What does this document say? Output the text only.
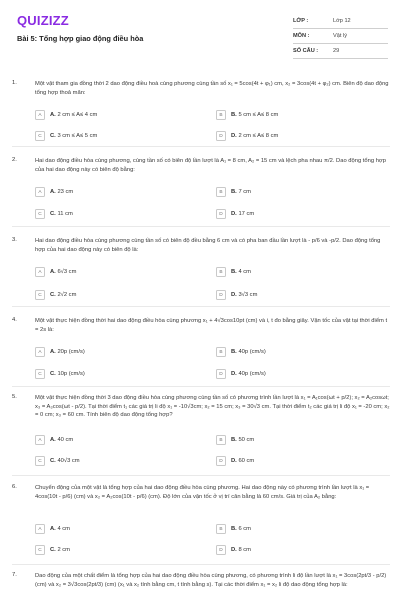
QUIZIZZ
Bài 5: Tổng hợp giao động điều hòa
LỚP :	Lớp 12
MÔN :	Vật lý
SỐ CÂU :	29
1.	Một vật tham gia đồng thời 2 dao động điều hoà cùng phương cùng tần số x₁ = 5cos(4t + φ₁) cm, x₂ = 3cos(4t + φ₂) cm. Biên độ dao động tổng hợp thoả mãn:
A	A. 2 cm ≤ A≤ 4 cm	B	B. 5 cm ≤ A≤ 8 cm
C	C. 3 cm ≤ A≤ 5 cm	D	D. 2 cm ≤ A≤ 8 cm
2.	Hai dao động điều hòa cùng phương, cùng tần số có biên độ lần lượt là A₁ = 8 cm, A₂ = 15 cm và lệch pha nhau π/2. Dao động tổng hợp của hai dao động này có biên độ bằng:
A	A. 23 cm	B	B. 7 cm
C	C. 11 cm	D	D. 17 cm
3.	Hai dao động điều hòa cùng phương cùng tần số có biên độ đều bằng 6 cm và có pha ban đầu lần lượt là - p/6 và -p/2. Dao động tổng hợp của hai dao động này có biên độ là:
A	A. 6√3 cm	B	B. 4 cm
C	C. 2√2 cm	D	D. 3√3 cm
4.	Một vật thực hiện đồng thời hai dao động điều hòa cùng phương x₁ + 4√3cos10pt (cm) và i, t đo bằng giây. Vận tốc của vật tại thời điểm t = 2s là:
A	A. 20p (cm/s)	B	B. 40p (cm/s)
C	C. 10p (cm/s)	D	D. 40p (cm/s)
5.	Một vật thực hiện đồng thời 3 dao động điều hòa cùng phương cùng tần số có phương trình lần lượt là x₁ = A₁cos(ωt + p/2); x₂ = A₂cosωt; x₃ = A₃cos(ωt - p/2). Tại thời điểm t₁ các giá trị li độ x₁ = -10√3cm; x₂ = 15 cm; x₃ = 30√3 cm. Tại thời điểm t₂ các giá trị li độ x₁ = -20 cm; x₂ = 0 cm; x₃ = 60 cm. Tính biên độ dao động tổng hợp?
A	A. 40 cm	B	B. 50 cm
C	C. 40√3 cm	D	D. 60 cm
6.	Chuyển động của một vật là tổng hợp của hai dao động điều hòa cùng phương. Hai dao động này có phương trình lần lượt là x₁ = 4cos(10t - p/6) (cm) và x₂ = A₂cos(10t - p/6) (cm). Độ lớn của vận tốc ở vị trí cân bằng là 60 cm/s. Giá trị của A₂ bằng:
A	A. 4 cm	B	B. 6 cm
C	C. 2 cm	D	D. 8 cm
7.	Dao động của một chất điểm là tổng hợp của hai dao động điều hòa cùng phương, có phương trình li độ lần lượt là x₁ = 3cos(2pt/3 - p/2) (cm) và x₂ = 3√3cos(2pt/3) (cm) (x₁ và x₂ tính bằng cm, t tính bằng s). Tại các thời điểm x₁ = x₂ li độ dao động tổng hợp là:
